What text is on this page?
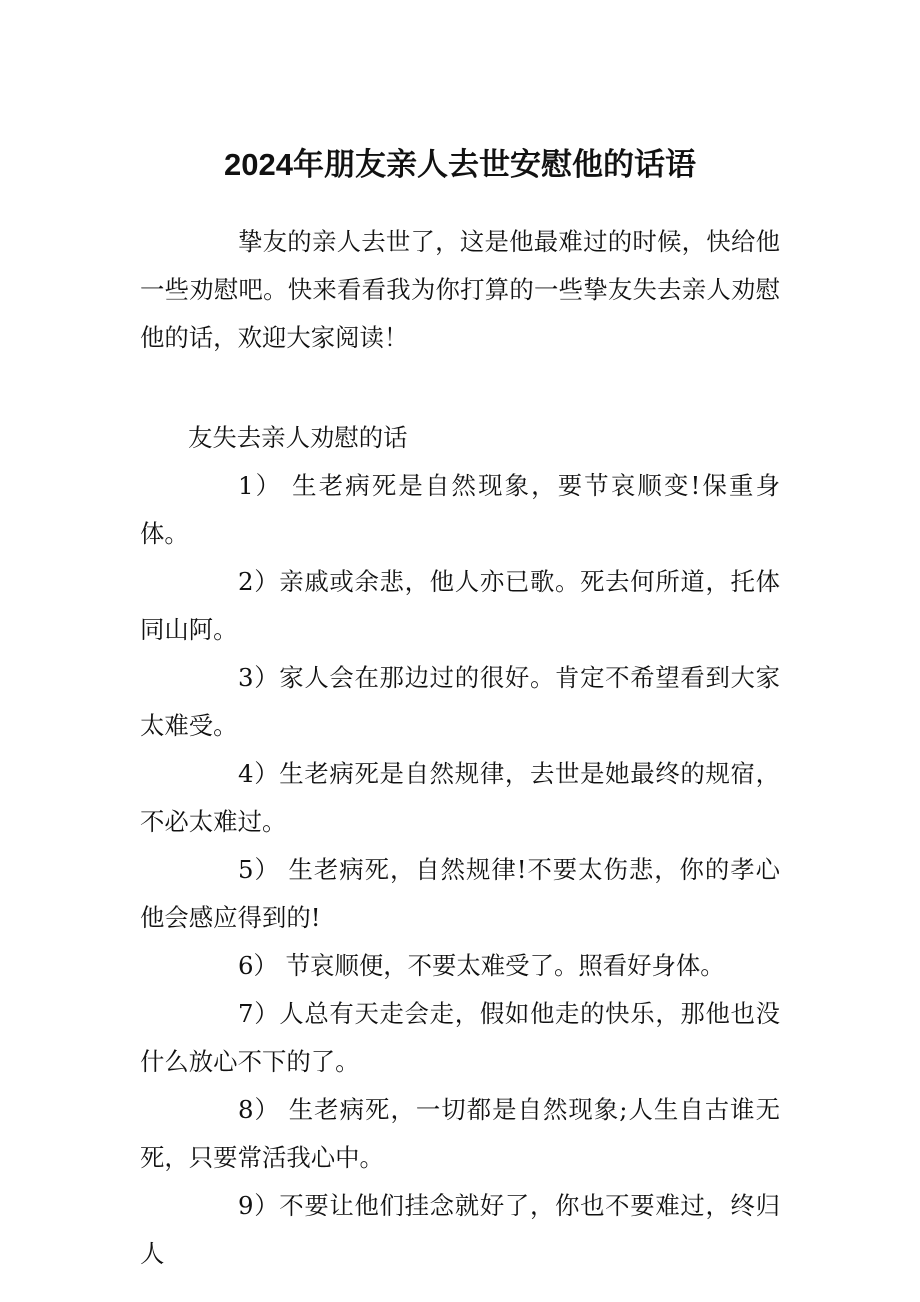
2024年朋友亲人去世安慰他的话语

挚友的亲人去世了，这是他最难过的时候，快给他一些劝慰吧。快来看看我为你打算的一些挚友失去亲人劝慰他的话，欢迎大家阅读！

友失去亲人劝慰的话

1） 生老病死是自然现象，要节哀顺变!保重身体。

2）亲戚或余悲，他人亦已歌。死去何所道，托体同山阿。

3）家人会在那边过的很好。肯定不希望看到大家太难受。

4）生老病死是自然规律，去世是她最终的规宿，不必太难过。

5） 生老病死，自然规律!不要太伤悲，你的孝心他会感应得到的!

6） 节哀顺便，不要太难受了。照看好身体。

7）人总有天走会走，假如他走的快乐，那他也没什么放心不下的了。

8） 生老病死，一切都是自然现象;人生自古谁无死，只要常活我心中。

9）不要让他们挂念就好了，你也不要难过，终归人
